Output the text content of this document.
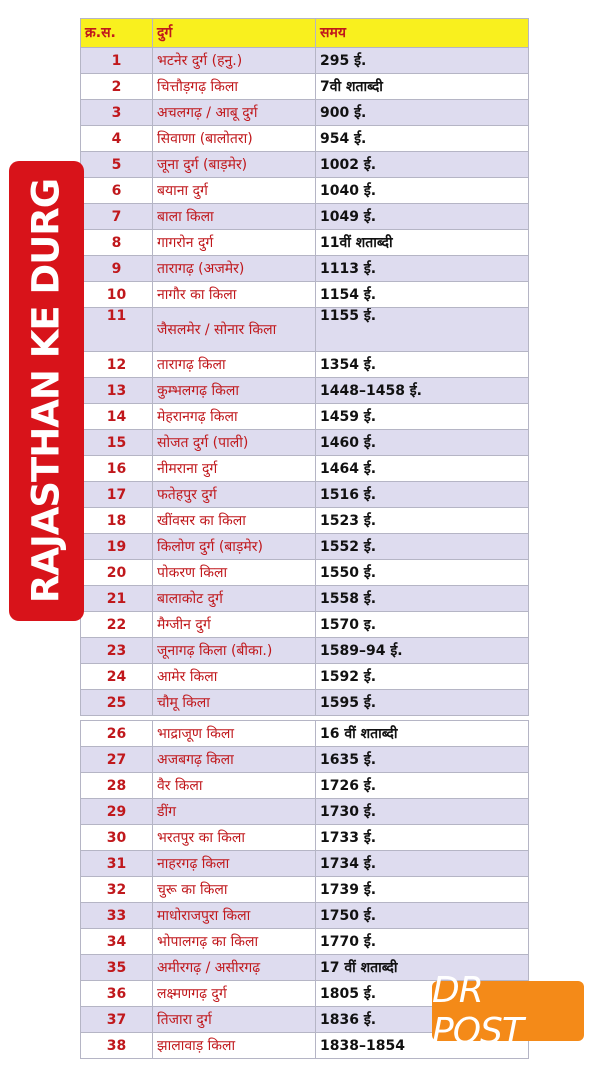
क्र.स.	दुर्ग	समय
1	भटनेर दुर्ग (हनु.)	295 ई.
2	चित्तौड़गढ़ किला	7वी शताब्दी
3	अचलगढ़ / आबू दुर्ग	900 ई.
4	सिवाणा (बालोतरा)	954 ई.
5	जूना दुर्ग (बाड़मेर)	1002 ई.
6	बयाना दुर्ग	1040 ई.
7	बाला किला	1049 ई.
8	गागरोन दुर्ग	11वीं शताब्दी
9	तारागढ़ (अजमेर)	1113 ई.
10	नागौर का किला	1154 ई.
11	जैसलमेर / सोनार किला	1155 ई.
12	तारागढ़ किला	1354 ई.
13	कुम्भलगढ़ किला	1448–1458 ई.
14	मेहरानगढ़ किला	1459 ई.
15	सोजत दुर्ग (पाली)	1460 ई.
16	नीमराना दुर्ग	1464 ई.
17	फतेहपुर दुर्ग	1516 ई.
18	खींवसर का किला	1523 ई.
19	किलोण दुर्ग (बाड़मेर)	1552 ई.
20	पोकरण किला	1550 ई.
21	बालाकोट दुर्ग	1558 ई.
22	मैग्जीन दुर्ग	1570 इ.
23	जूनागढ़ किला (बीका.)	1589–94 ई.
24	आमेर किला	1592 ई.
25	चौमू किला	1595 ई.
26	भाद्राजूण किला	16 वीं शताब्दी
27	अजबगढ़ किला	1635 ई.
28	वैर किला	1726 ई.
29	डींग	1730 ई.
30	भरतपुर का किला	1733 ई.
31	नाहरगढ़ किला	1734 ई.
32	चुरू का किला	1739 ई.
33	माधोराजपुरा किला	1750 ई.
34	भोपालगढ़ का किला	1770 ई.
35	अमीरगढ़ / असीरगढ़	17 वीं शताब्दी
36	लक्ष्मणगढ़ दुर्ग	1805 ई.
37	तिजारा दुर्ग	1836 ई.
38	झालावाड़ किला	1838–1854
RAJASTHAN KE DURG
DR POST
